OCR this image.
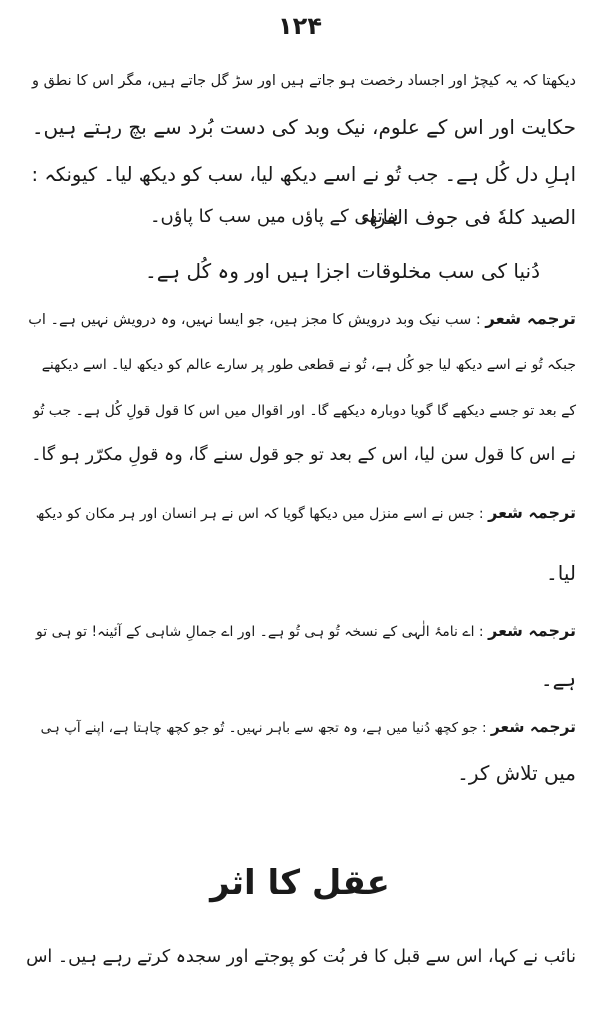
۱۲۴
دیکھتا کہ یہ کیچڑ اور اجساد رخصت ہو جاتے ہیں اور سڑ گل جاتے ہیں، مگر اس کا نطق و
حکایت اور اس کے علوم، نیک وبد کی دست بُرد سے بچ رہتے ہیں۔
اہلِ دل کُل ہے۔ جب تُو نے اسے دیکھ لیا، سب کو دیکھ لیا۔ کیونکہ :
الصيد كلهٗ فى جوف الفراء
ہاتھی کے پاؤں میں سب کا پاؤں۔
دُنیا کی سب مخلوقات اجزا ہیں اور وہ کُل ہے۔
ترجمہ شعر : سب نیک وبد درویش کا مجز ہیں، جو ایسا نہیں، وہ درویش نہیں ہے۔ اب
جبکہ تُو نے اسے دیکھ لیا جو کُل ہے، تُو نے قطعی طور پر سارے عالم کو دیکھ لیا۔ اسے دیکھنے
کے بعد تو جسے دیکھے گا گویا دوبارہ دیکھے گا۔ اور اقوال میں اس کا قول قولِ کُل ہے۔ جب تُو
نے اس کا قول سن لیا، اس کے بعد تو جو قول سنے گا، وہ قولِ مکرّر ہو گا۔
ترجمہ شعر : جس نے اسے منزل میں دیکھا گویا کہ اس نے ہر انسان اور ہر مکان کو دیکھ
لیا۔
ترجمہ شعر : اے نامۂ الٰہی کے نسخہ تُو ہی تُو ہے۔ اور اے جمالِ شاہی کے آئینہ! تو ہی تو
ہے۔
ترجمہ شعر : جو کچھ دُنیا میں ہے، وہ تجھ سے باہر نہیں۔ تُو جو کچھ چاہتا ہے، اپنے آپ ہی
میں تلاش کر۔
عقل کا اثر
نائب نے کہا، اس سے قبل کا فر بُت کو پوجتے اور سجدہ کرتے رہے ہیں۔ اس
